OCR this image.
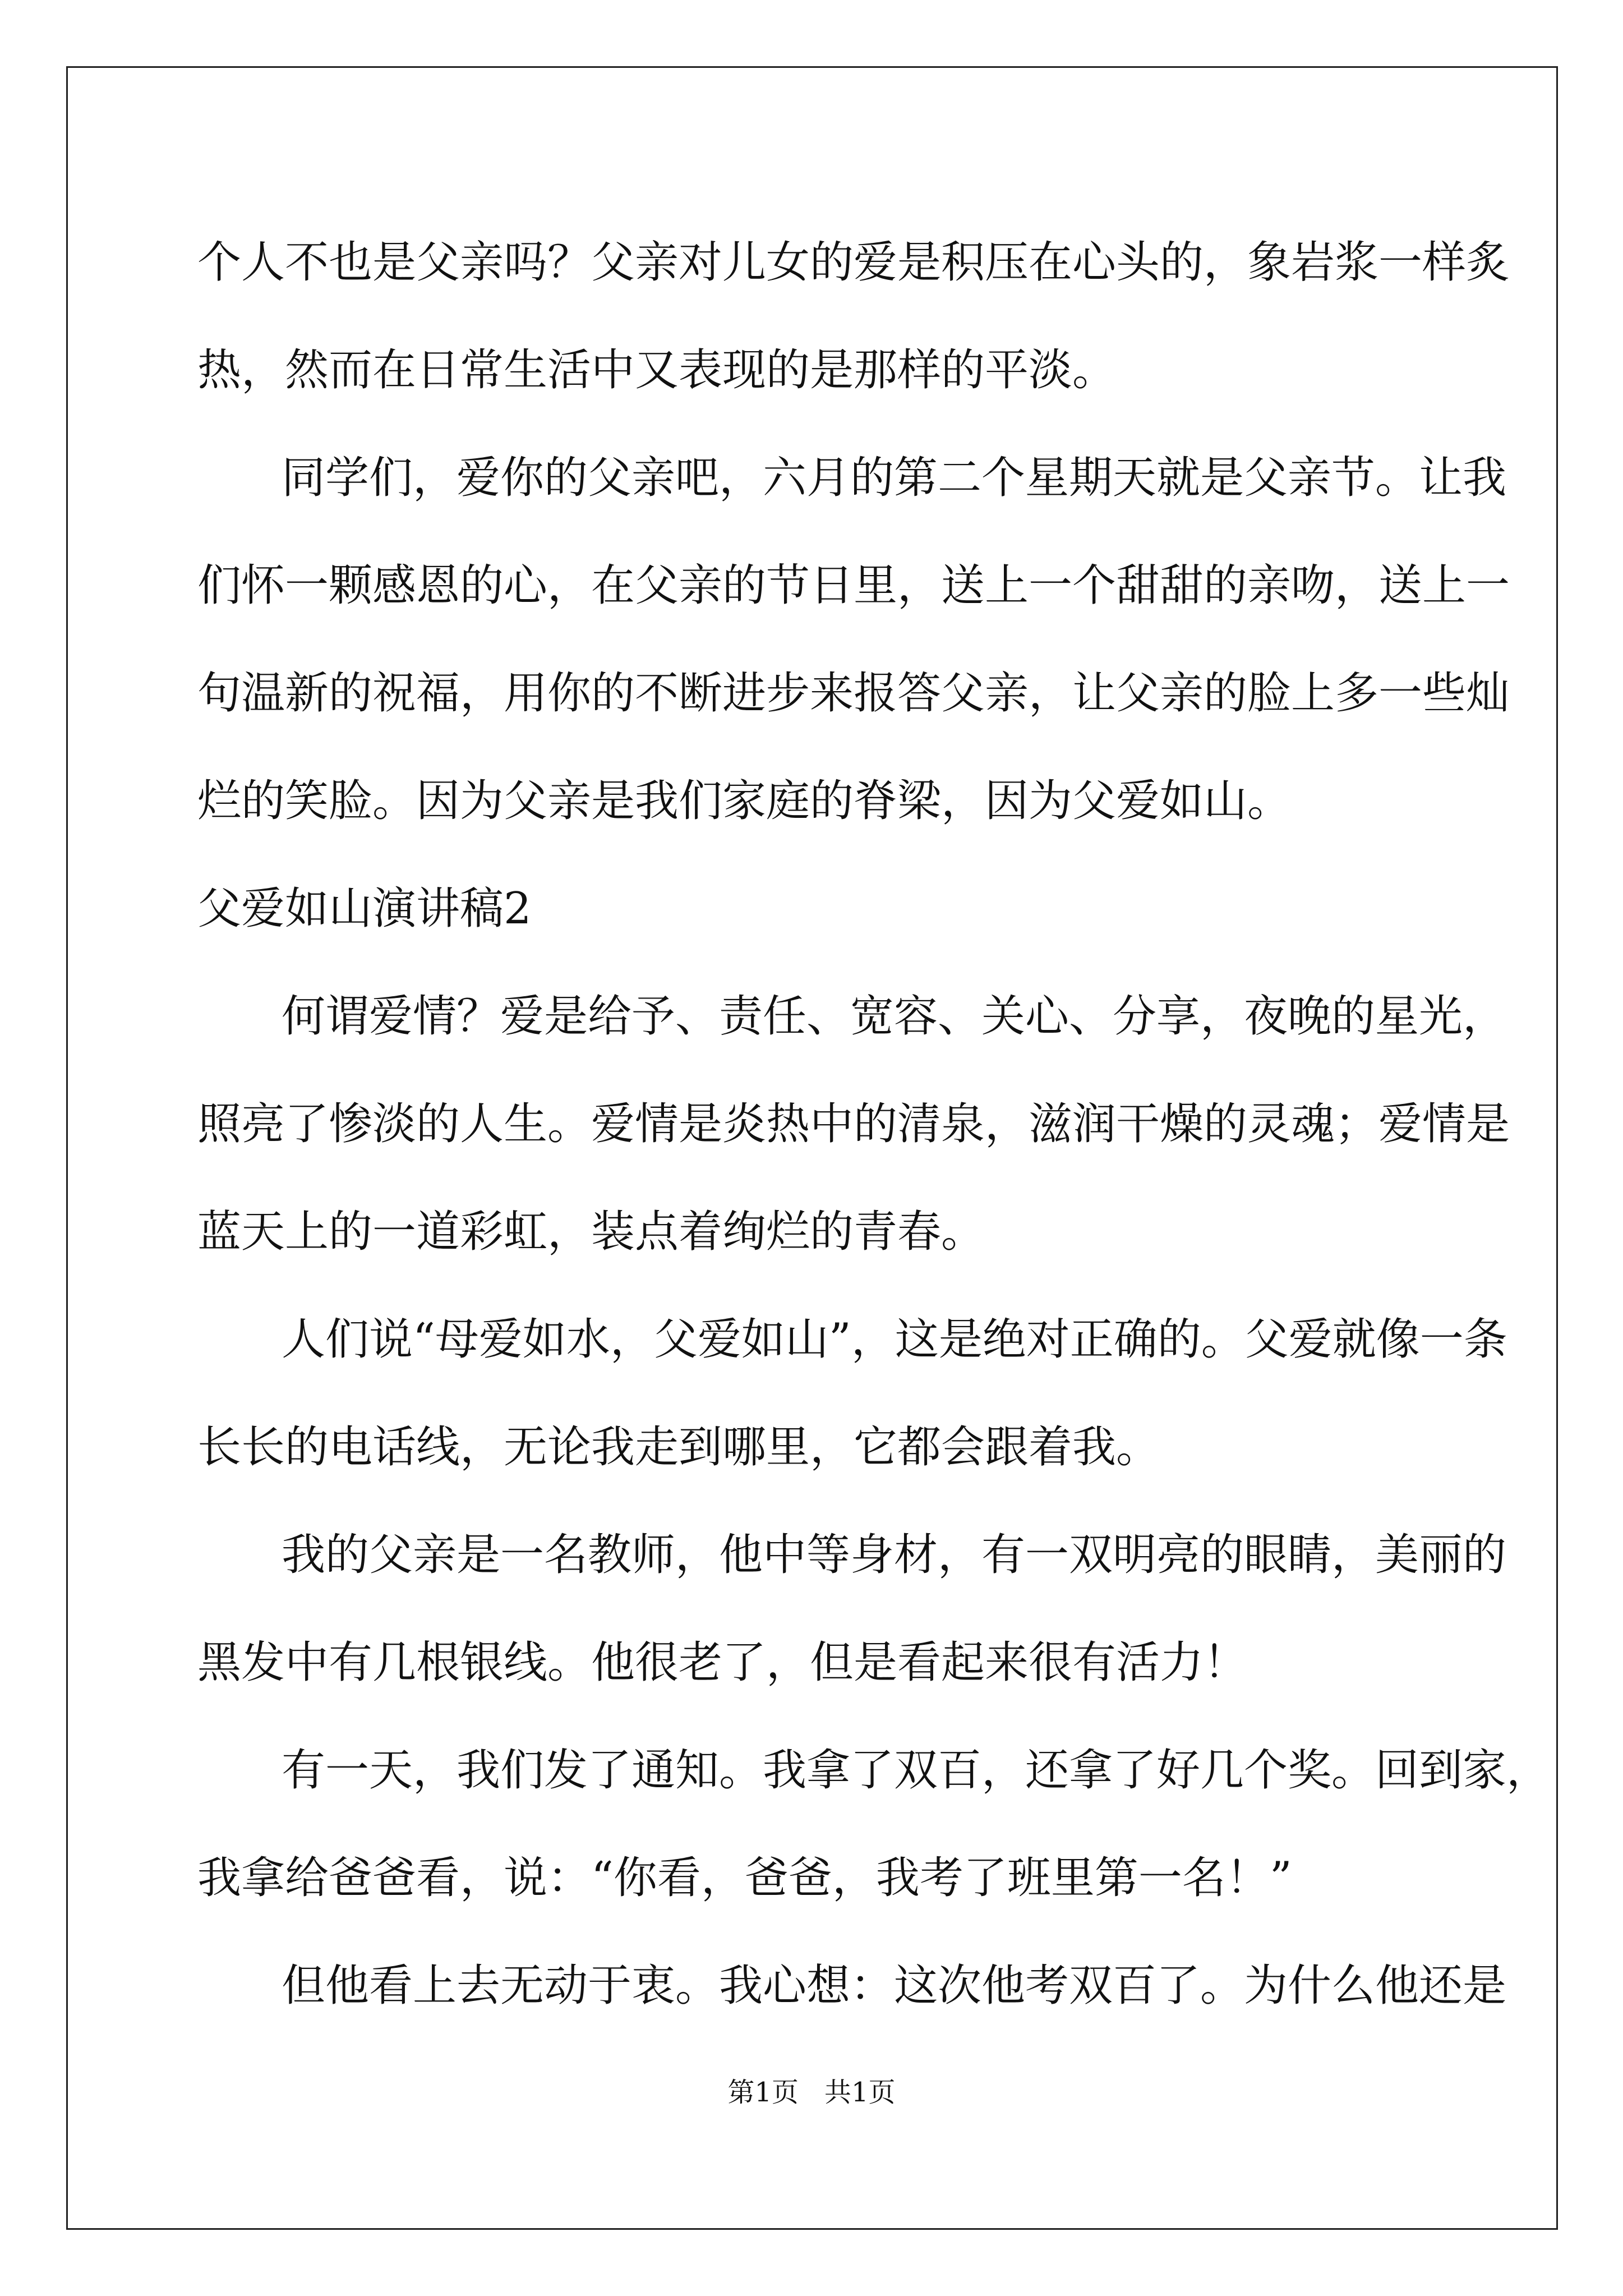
个人不也是父亲吗？父亲对儿女的爱是积压在心头的，象岩浆一样炙
热，然而在日常生活中又表现的是那样的平淡。
同学们，爱你的父亲吧，六月的第二个星期天就是父亲节。让我
们怀一颗感恩的心，在父亲的节日里，送上一个甜甜的亲吻，送上一
句温新的祝福，用你的不断进步来报答父亲，让父亲的脸上多一些灿
烂的笑脸。因为父亲是我们家庭的脊梁，因为父爱如山。
父爱如山演讲稿2
何谓爱情？爱是给予、责任、宽容、关心、分享，夜晚的星光，
照亮了惨淡的人生。爱情是炎热中的清泉，滋润干燥的灵魂；爱情是
蓝天上的一道彩虹，装点着绚烂的青春。
人们说“母爱如水，父爱如山”，这是绝对正确的。父爱就像一条
长长的电话线，无论我走到哪里，它都会跟着我。
我的父亲是一名教师，他中等身材，有一双明亮的眼睛，美丽的
黑发中有几根银线。他很老了，但是看起来很有活力！
有一天，我们发了通知。我拿了双百，还拿了好几个奖。回到家，
我拿给爸爸看，说：“你看，爸爸，我考了班里第一名！”
但他看上去无动于衷。我心想：这次他考双百了。为什么他还是
第1页 共1页
